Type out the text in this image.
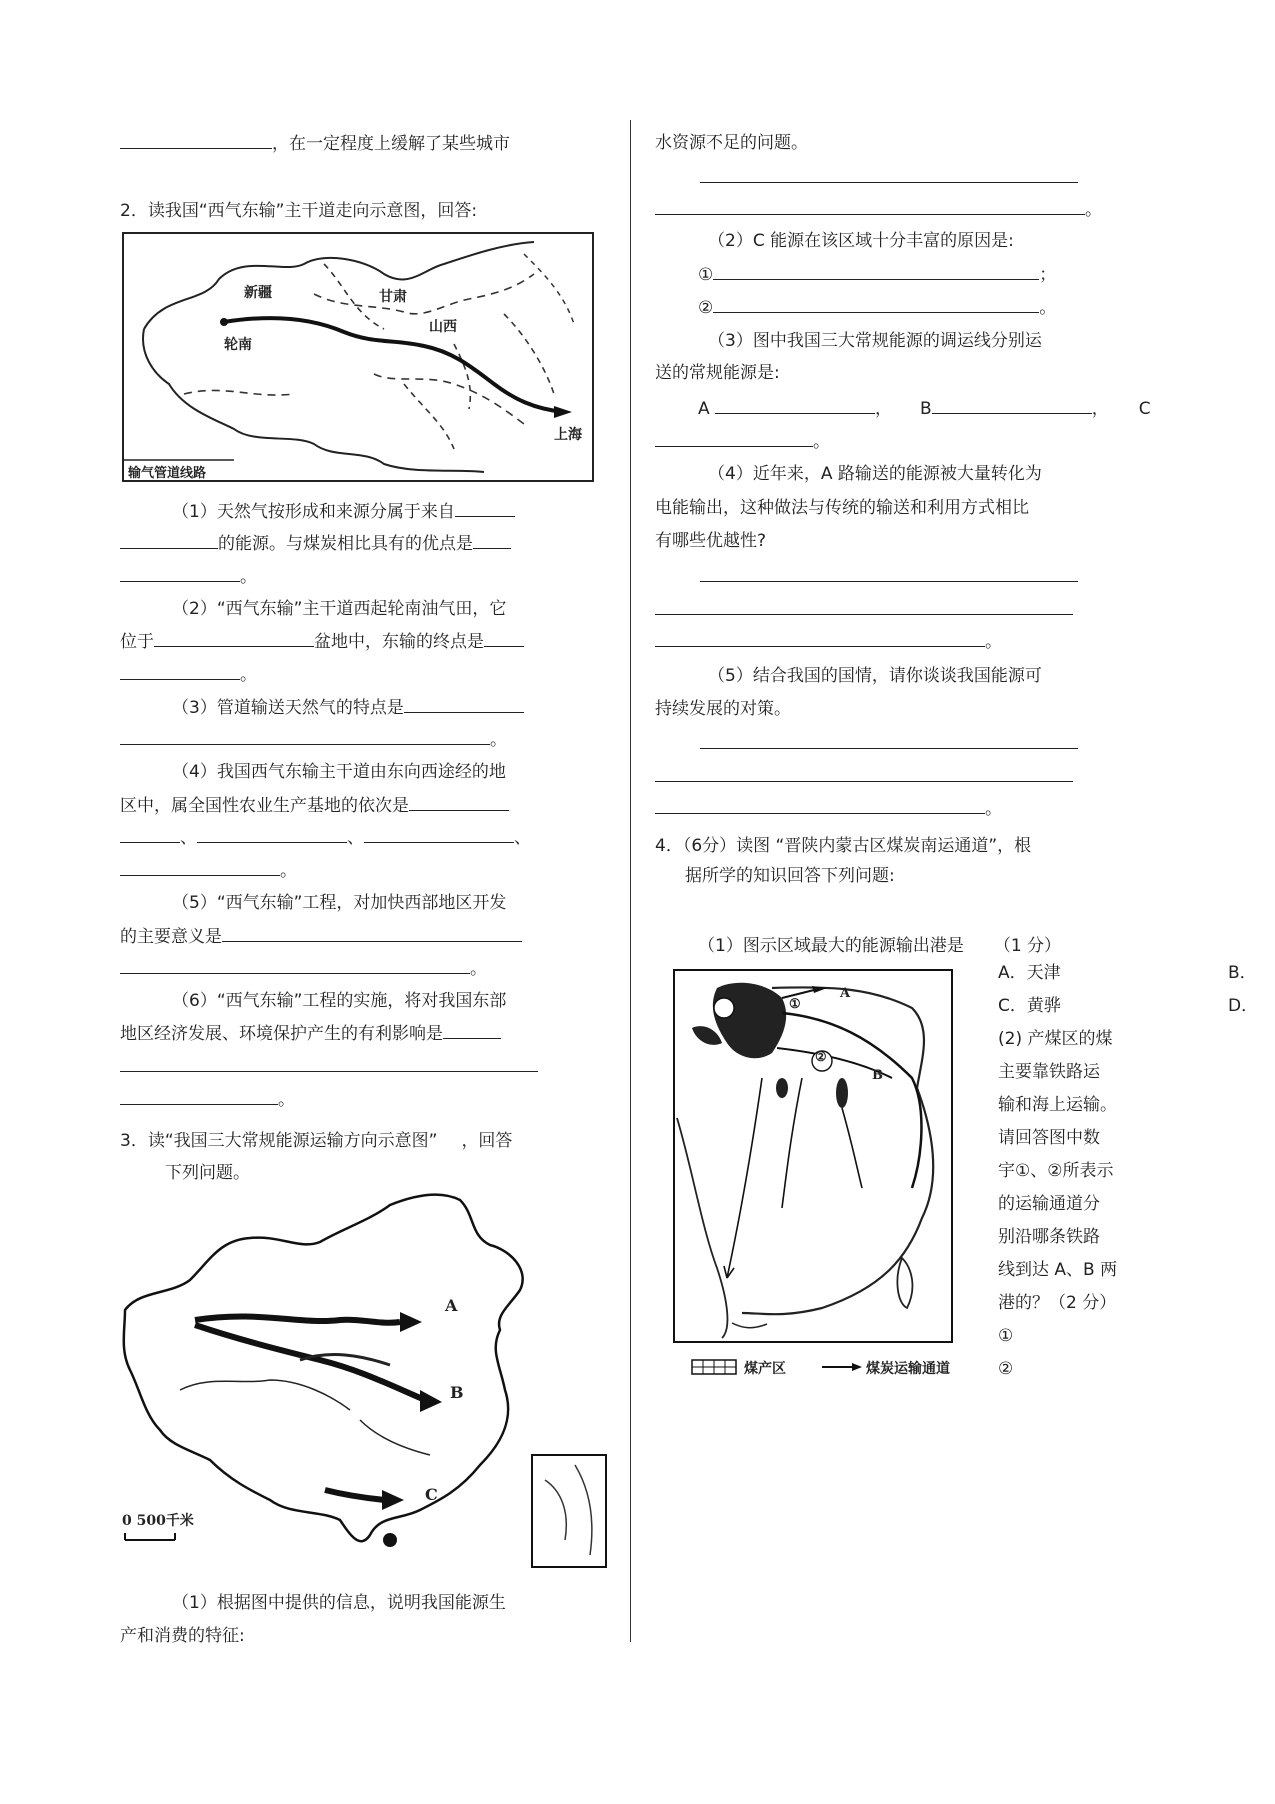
，在一定程度上缓解了某些城市
2．读我国“西气东输”主干道走向示意图，回答:
新疆	甘肃
轮南
山西
上海
输气管道线路
（1）天然气按形成和来源分属于来自
的能源。与煤炭相比具有的优点是
。
（2）“西气东输”主干道西起轮南油气田，它
位于	盆地中，东输的终点是
。
（3）管道输送天然气的特点是
。
（4）我国西气东输主干道由东向西途经的地
区中，属全国性农业生产基地的依次是
、	、	、
。
（5）“西气东输”工程，对加快西部地区开发
的主要意义是
。
（6）“西气东输”工程的实施，将对我国东部
地区经济发展、环境保护产生的有利影响是
。
3．读“我国三大常规能源运输方向示意图” ，回答
下列问题。
A
B
C
0 500千米
（1）根据图中提供的信息，说明我国能源生
产和消费的特征:
水资源不足的问题。
。
（2）C 能源在该区域十分丰富的原因是:
①	；
②	。
（3）图中我国三大常规能源的调运线分别运
送的常规能源是:
A	， B	， C
。
（4）近年来，A 路输送的能源被大量转化为
电能输出，这种做法与传统的输送和利用方式相比
有哪些优越性?
。
（5）结合我国的国情，请你谈谈我国能源可
持续发展的对策。
。
4．（6分）读图 “晋陕内蒙古区煤炭南运通道”，根
据所学的知识回答下列问题:
（1）图示区域最大的能源输出港是 （1 分）
①
②
A
B
煤产区	煤炭运输通道
A．天津	B．
C．黄骅	D．
(2) 产煤区的煤
主要靠铁路运
输和海上运输。
请回答图中数
宇①、②所表示
的运输通道分
别沿哪条铁路
线到达 A、B 两
港的？（2 分）
①
②
